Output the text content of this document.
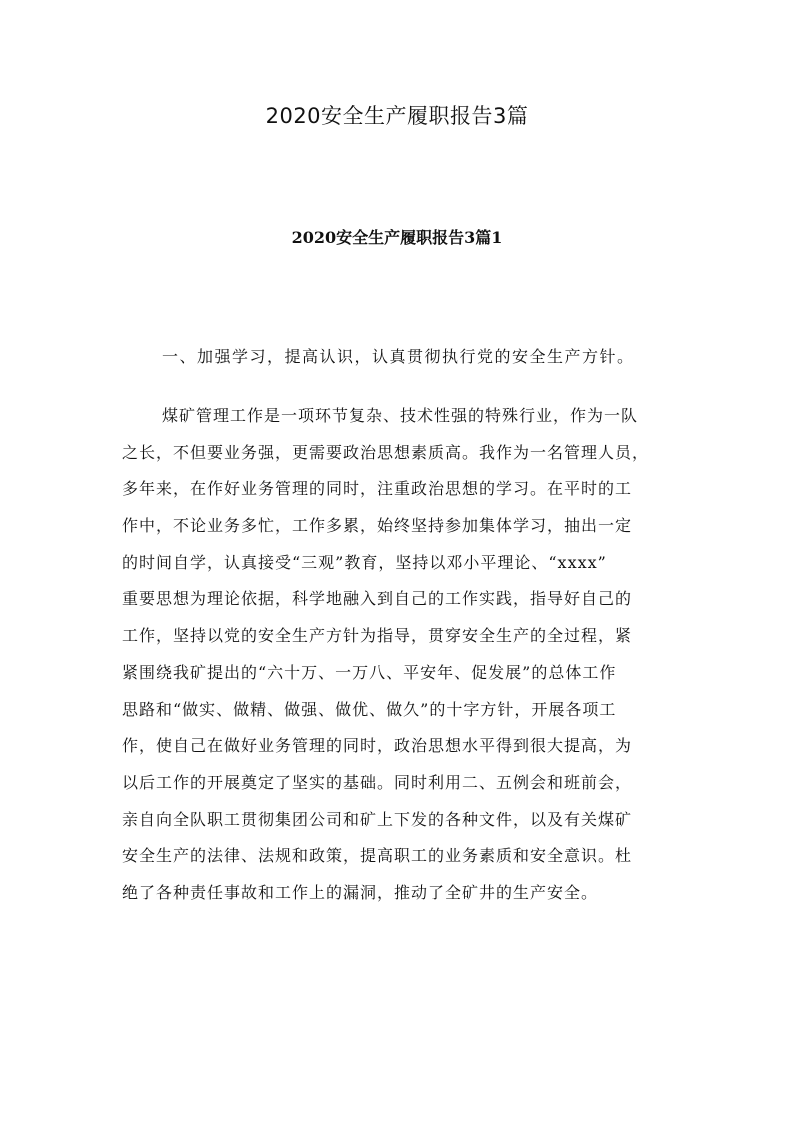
2020安全生产履职报告3篇
2020安全生产履职报告3篇1
一、加强学习，提高认识，认真贯彻执行党的安全生产方针。
煤矿管理工作是一项环节复杂、技术性强的特殊行业，作为一队
之长，不但要业务强，更需要政治思想素质高。我作为一名管理人员，
多年来，在作好业务管理的同时，注重政治思想的学习。在平时的工
作中，不论业务多忙，工作多累，始终坚持参加集体学习，抽出一定
的时间自学，认真接受“三观”教育，坚持以邓小平理论、“xxxx”
重要思想为理论依据，科学地融入到自己的工作实践，指导好自己的
工作，坚持以党的安全生产方针为指导，贯穿安全生产的全过程，紧
紧围绕我矿提出的“六十万、一万八、平安年、促发展”的总体工作
思路和“做实、做精、做强、做优、做久”的十字方针，开展各项工
作，使自己在做好业务管理的同时，政治思想水平得到很大提高，为
以后工作的开展奠定了坚实的基础。同时利用二、五例会和班前会，
亲自向全队职工贯彻集团公司和矿上下发的各种文件，以及有关煤矿
安全生产的法律、法规和政策，提高职工的业务素质和安全意识。杜
绝了各种责任事故和工作上的漏洞，推动了全矿井的生产安全。
